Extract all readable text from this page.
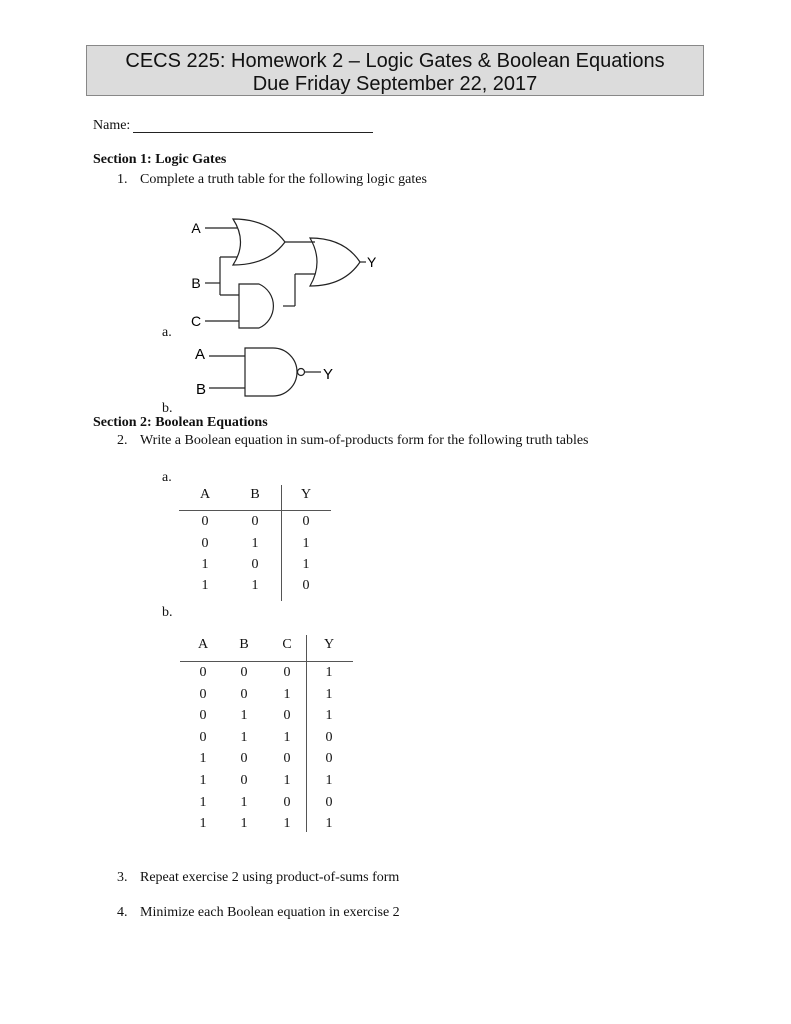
CECS 225: Homework 2 – Logic Gates & Boolean Equations
Due Friday September 22, 2017
Name:
Section 1: Logic Gates
1. Complete a truth table for the following logic gates
A
B
C
Y
a.
A
B
Y
b.
Section 2: Boolean Equations
2. Write a Boolean equation in sum-of-products form for the following truth tables
a.
A	B	Y
0	0	0
0	1	1
1	0	1
1	1	0
b.
A	B	C	Y
0	0	0	1
0	0	1	1
0	1	0	1
0	1	1	0
1	0	0	0
1	0	1	1
1	1	0	0
1	1	1	1
3. Repeat exercise 2 using product-of-sums form
4. Minimize each Boolean equation in exercise 2
